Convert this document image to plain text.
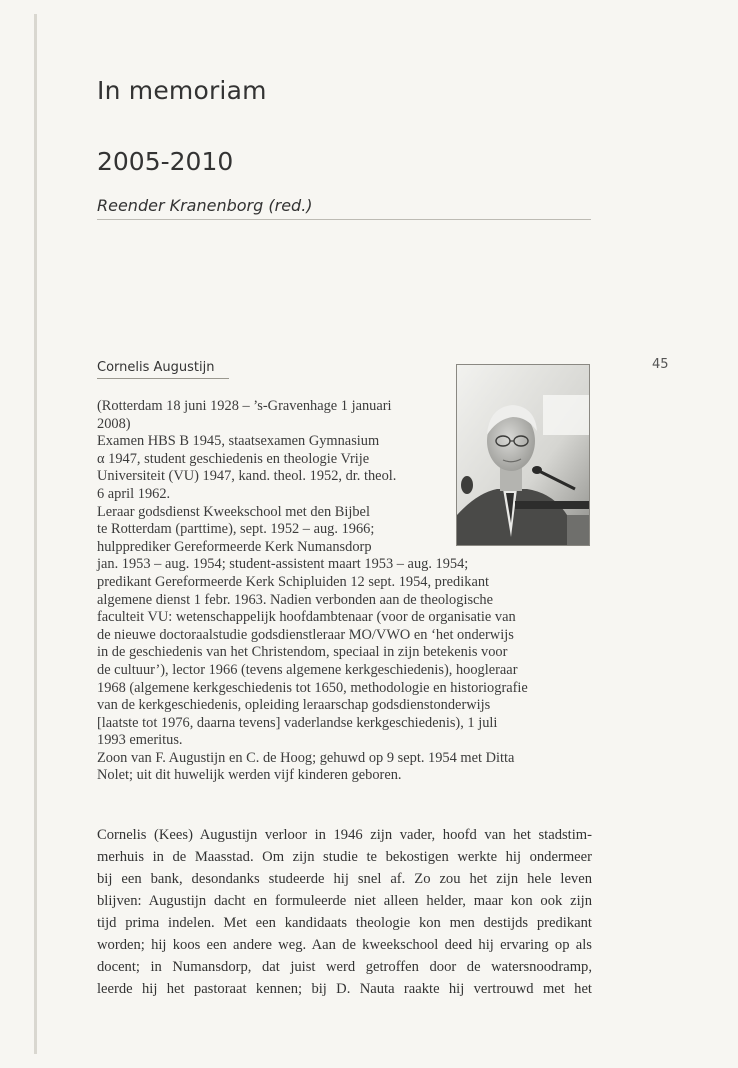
In memoriam
2005-2010
Reender Kranenborg (red.)
45
Cornelis Augustijn
(Rotterdam 18 juni 1928 – ’s-Gravenhage 1 januari
2008)
Examen HBS B 1945, staatsexamen Gymnasium
α 1947, student geschiedenis en theologie Vrije
Universiteit (VU) 1947, kand. theol. 1952, dr. theol.
6 april 1962.
Leraar godsdienst Kweekschool met den Bijbel
te Rotterdam (parttime), sept. 1952 – aug. 1966;
hulpprediker Gereformeerde Kerk Numansdorp
jan. 1953 – aug. 1954; student-assistent maart 1953 – aug. 1954;
predikant Gereformeerde Kerk Schipluiden 12 sept. 1954, predikant
algemene dienst 1 febr. 1963. Nadien verbonden aan de theologische
faculteit VU: wetenschappelijk hoofdambtenaar (voor de organisatie van
de nieuwe doctoraalstudie godsdienstleraar MO/VWO en ‘het onderwijs
in de geschiedenis van het Christendom, speciaal in zijn betekenis voor
de cultuur’), lector 1966 (tevens algemene kerkgeschiedenis), hoogleraar
1968 (algemene kerkgeschiedenis tot 1650, methodologie en historiografie
van de kerkgeschiedenis, opleiding leraarschap godsdienstonderwijs
[laatste tot 1976, daarna tevens] vaderlandse kerkgeschiedenis), 1 juli
1993 emeritus.
Zoon van F. Augustijn en C. de Hoog; gehuwd op 9 sept. 1954 met Ditta
Nolet; uit dit huwelijk werden vijf kinderen geboren.
Cornelis (Kees) Augustijn verloor in 1946 zijn vader, hoofd van het stadstim-
merhuis in de Maasstad. Om zijn studie te bekostigen werkte hij ondermeer
bij een bank, desondanks studeerde hij snel af. Zo zou het zijn hele leven
blijven: Augustijn dacht en formuleerde niet alleen helder, maar kon ook zijn
tijd prima indelen. Met een kandidaats theologie kon men destijds predikant
worden; hij koos een andere weg. Aan de kweekschool deed hij ervaring op als
docent; in Numansdorp, dat juist werd getroffen door de watersnoodramp,
leerde hij het pastoraat kennen; bij D. Nauta raakte hij vertrouwd met het
